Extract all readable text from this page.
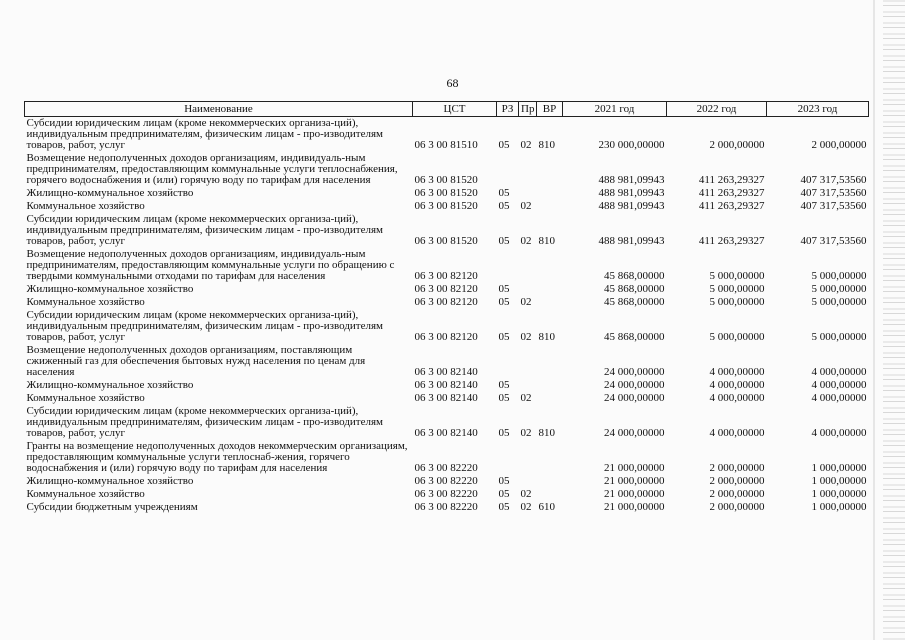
68
Наименование	ЦСТ	РЗ	Пр	ВР	2021 год	2022 год	2023 год
Субсидии юридическим лицам (кроме некоммерческих организа-ций), индивидуальным предпринимателям, физическим лицам - про-изводителям товаров, работ, услуг	06 3 00 81510	05	02	810	230 000,00000	2 000,00000	2 000,00000
Возмещение недополученных доходов организациям, индивидуаль-ным предпринимателям, предоставляющим коммунальные услуги теплоснабжения, горячего водоснабжения и (или) горячую воду по тарифам для населения	06 3 00 81520				488 981,09943	411 263,29327	407 317,53560
Жилищно-коммунальное хозяйство	06 3 00 81520	05			488 981,09943	411 263,29327	407 317,53560
Коммунальное хозяйство	06 3 00 81520	05	02		488 981,09943	411 263,29327	407 317,53560
Субсидии юридическим лицам (кроме некоммерческих организа-ций), индивидуальным предпринимателям, физическим лицам - про-изводителям товаров, работ, услуг	06 3 00 81520	05	02	810	488 981,09943	411 263,29327	407 317,53560
Возмещение недополученных доходов организациям, индивидуаль-ным предпринимателям, предоставляющим коммунальные услуги по обращению с твердыми коммунальными отходами по тарифам для населения	06 3 00 82120				45 868,00000	5 000,00000	5 000,00000
Жилищно-коммунальное хозяйство	06 3 00 82120	05			45 868,00000	5 000,00000	5 000,00000
Коммунальное хозяйство	06 3 00 82120	05	02		45 868,00000	5 000,00000	5 000,00000
Субсидии юридическим лицам (кроме некоммерческих организа-ций), индивидуальным предпринимателям, физическим лицам - про-изводителям товаров, работ, услуг	06 3 00 82120	05	02	810	45 868,00000	5 000,00000	5 000,00000
Возмещение недополученных доходов организациям, поставляющим сжиженный газ для обеспечения бытовых нужд населения по ценам для населения	06 3 00 82140				24 000,00000	4 000,00000	4 000,00000
Жилищно-коммунальное хозяйство	06 3 00 82140	05			24 000,00000	4 000,00000	4 000,00000
Коммунальное хозяйство	06 3 00 82140	05	02		24 000,00000	4 000,00000	4 000,00000
Субсидии юридическим лицам (кроме некоммерческих организа-ций), индивидуальным предпринимателям, физическим лицам - про-изводителям товаров, работ, услуг	06 3 00 82140	05	02	810	24 000,00000	4 000,00000	4 000,00000
Гранты на возмещение недополученных доходов некоммерческим организациям, предоставляющим коммунальные услуги теплоснаб-жения, горячего водоснабжения и (или) горячую воду по тарифам для населения	06 3 00 82220				21 000,00000	2 000,00000	1 000,00000
Жилищно-коммунальное хозяйство	06 3 00 82220	05			21 000,00000	2 000,00000	1 000,00000
Коммунальное хозяйство	06 3 00 82220	05	02		21 000,00000	2 000,00000	1 000,00000
Субсидии бюджетным учреждениям	06 3 00 82220	05	02	610	21 000,00000	2 000,00000	1 000,00000
